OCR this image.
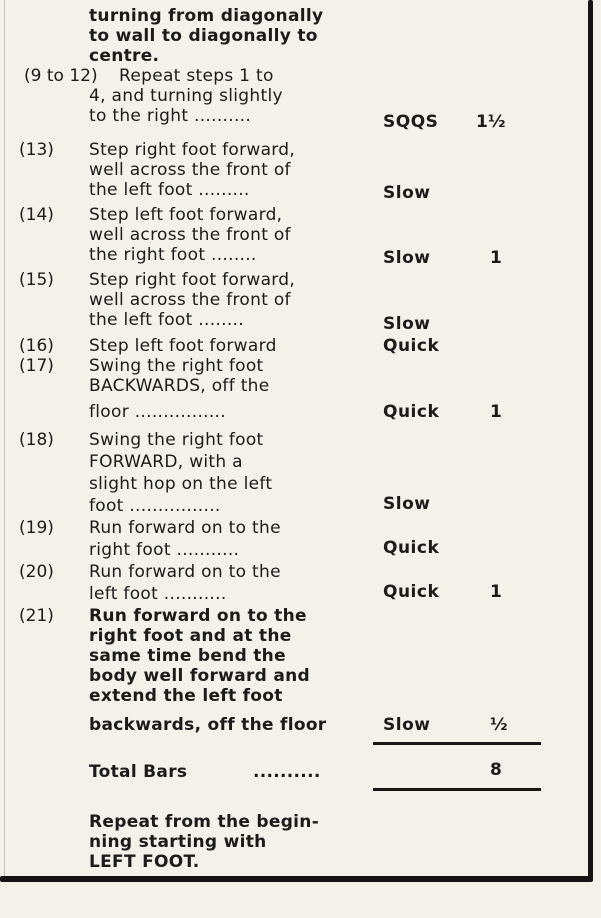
turning from diagonally
to wall to diagonally to
centre.
(9 to 12) Repeat steps 1 to
4, and turning slightly
to the right ..........	SQQS 1½
(13) Step right foot forward,
well across the front of
the left foot .........	Slow
(14) Step left foot forward,
well across the front of
the right foot ........	Slow	1
(15) Step right foot forward,
well across the front of
the left foot ........	Slow
(16) Step left foot forward	Quick
(17) Swing the right foot
BACKWARDS, off the
floor ................	Quick	1
(18) Swing the right foot
FORWARD, with a
slight hop on the left
foot ................	Slow
(19) Run forward on to the
right foot ...........	Quick
(20) Run forward on to the
left foot ...........	Quick	1
(21) Run forward on to the
right foot and at the
same time bend the
body well forward and
extend the left foot
backwards, off the floor	Slow	½
Total Bars	..........	8
Repeat from the begin-
ning starting with
LEFT FOOT.
